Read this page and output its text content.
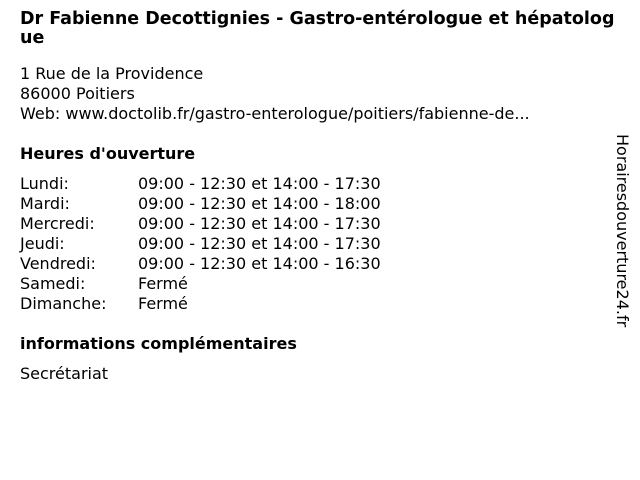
Dr Fabienne Decottignies - Gastro-entérologue et hépatologue
1 Rue de la Providence
86000 Poitiers
Web: www.doctolib.fr/gastro-enterologue/poitiers/fabienne-de...
Heures d'ouverture
Lundi:	09:00 - 12:30 et 14:00 - 17:30
Mardi:	09:00 - 12:30 et 14:00 - 18:00
Mercredi:	09:00 - 12:30 et 14:00 - 17:30
Jeudi:	09:00 - 12:30 et 14:00 - 17:30
Vendredi:	09:00 - 12:30 et 14:00 - 16:30
Samedi:	Fermé
Dimanche: Fermé
informations complémentaires
Secrétariat
Horairesdouverture24.fr
